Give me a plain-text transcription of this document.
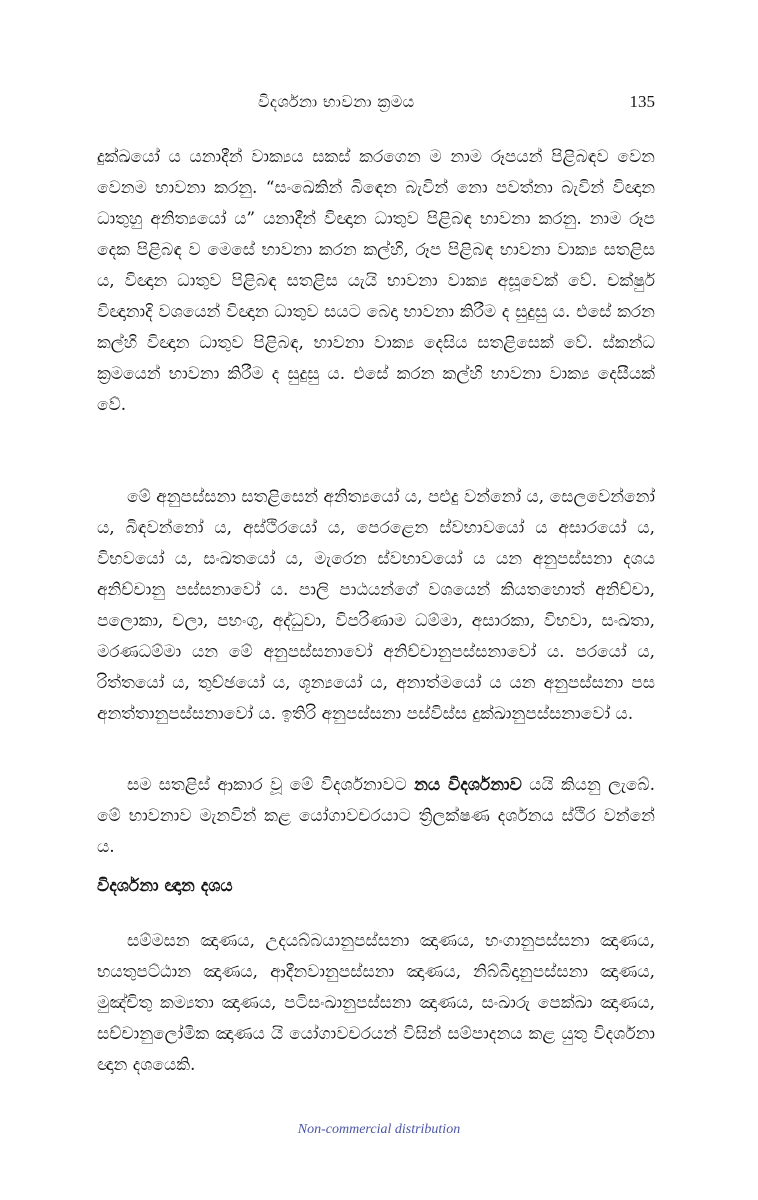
විදර්ශනා භාවනා ක්‍රමය	135

දුක්ඛයෝ ය යනාදීන් වාක්‍යය සකස් කරගෙන ම නාම රූපයන් පිළිබඳව වෙන වෙනම භාවනා කරනු. “සංඛෙකින් බිඳෙන බැවින් නො පවත්නා බැවින් විඥාන ධාතුහු අනිත්‍යයෝ ය” යනාදීන් විඥාන ධාතුව පිළිබඳ භාවනා කරනු. නාම රූප දෙක පිළිබඳ ව මෙසේ භාවනා කරන කල්හි, රූප පිළිබඳ භාවනා වාක්‍ය සතළිස ය, විඥාන ධාතුව පිළිබඳ සතළිස යැයි භාවනා වාක්‍ය අසූවෙක් වේ. චක්ෂුර් විඥානාදි වශයෙන් විඥාන ධාතුව සයට බෙදා භාවනා කිරීම ද සුදුසු ය. එසේ කරන කල්හි විඥාන ධාතුව පිළිබඳ, භාවනා වාක්‍ය දෙසිය සතළිසෙක් වේ. ස්කන්ධ ක්‍රමයෙන් භාවනා කිරීම ද සුදුසු ය. එසේ කරන කල්හි භාවනා වාක්‍ය දෙසීයක් වේ.

මේ අනුපස්සනා සතළිසෙන් අනිත්‍යයෝ ය, පළුදු වන්නෝ ය, සෙලවෙන්නෝ ය, බිඳවන්නෝ ය, අස්ථිරයෝ ය, පෙරළෙන ස්වභාවයෝ ය අසාරයෝ ය, විභවයෝ ය, සංඛතයෝ ය, මැරෙන ස්වභාවයෝ ය යන අනුපස්සනා දශය අනිච්චානු පස්සනාවෝ ය. පාලි පාඨයන්ගේ වශයෙන් කියතහොත් අනිච්චා, පලොකා, චලා, පභංගු, අද්ධුවා, විපරිණාම ධම්මා, අසාරකා, විභවා, සංඛතා, මරණධම්මා යන මේ අනුපස්සනාවෝ අනිච්චානුපස්සනාවෝ ය. පරයෝ ය, රිත්තයෝ ය, තුච්ඡයෝ ය, ශූන්‍යයෝ ය, අනාත්මයෝ ය යන අනුපස්සනා පස අනත්තානුපස්සනාවෝ ය. ඉතිරි අනුපස්සනා පස්විස්ස දුක්ඛානුපස්සනාවෝ ය.

සම සතළිස් ආකාර වූ මේ විදර්ශනාවට නය විදර්ශනාව යයි කියනු ලැබේ. මේ භාවනාව මැනවින් කළ යෝගාවචරයාට ත්‍රිලක්ෂණ දර්ශනය ස්ථිර වන්නේ ය.

විදර්ශනා ඥාන දශය

සම්මසන ඤාණය, උදයබ්බයානුපස්සනා ඤාණය, භංගානුපස්සනා ඤාණය, භයතුපට්ඨාන ඤාණය, ආදීනවානුපස්සනා ඤාණය, නිබ්බිදානුපස්සනා ඤාණය, මුඤ්චිතු කම්‍යතා ඤාණය, පටිසංඛානුපස්සනා ඤාණය, සංඛාරු පෙක්ඛා ඤාණය, සච්චානුලෝමික ඤාණය යි යෝගාවචරයන් විසින් සම්පාදනය කළ යුතු විදර්ශනා ඥාන දශයෙකි.

Non-commercial distribution
